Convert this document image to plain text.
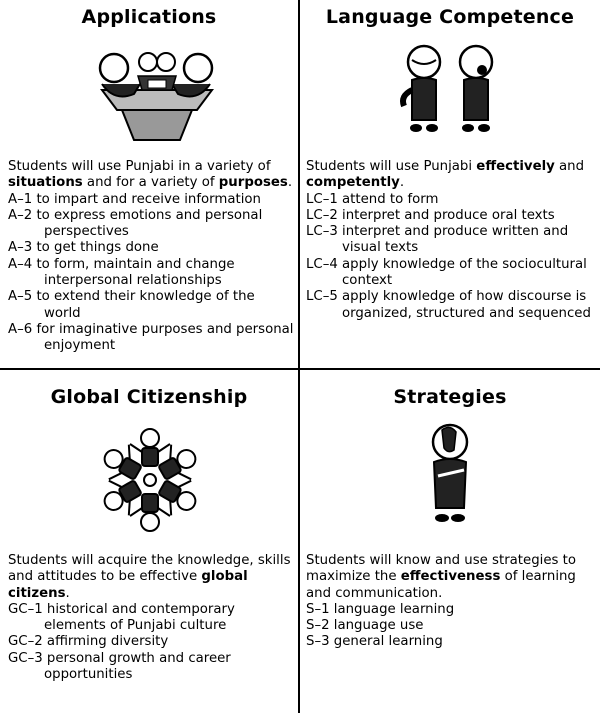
Applications
Students will use Punjabi in a variety of situations and for a variety of purposes.
A–1 to impart and receive information
A–2 to express emotions and personal perspectives
A–3 to get things done
A–4 to form, maintain and change interpersonal relationships
A–5 to extend their knowledge of the world
A–6 for imaginative purposes and personal enjoyment
Language Competence
Students will use Punjabi effectively and competently.
LC–1 attend to form
LC–2 interpret and produce oral texts
LC–3 interpret and produce written and visual texts
LC–4 apply knowledge of the sociocultural context
LC–5 apply knowledge of how discourse is organized, structured and sequenced
Global Citizenship
Students will acquire the knowledge, skills and attitudes to be effective global citizens.
GC–1 historical and contemporary elements of Punjabi culture
GC–2 affirming diversity
GC–3 personal growth and career opportunities
Strategies
Students will know and use strategies to maximize the effectiveness of learning and communication.
S–1 language learning
S–2 language use
S–3 general learning
